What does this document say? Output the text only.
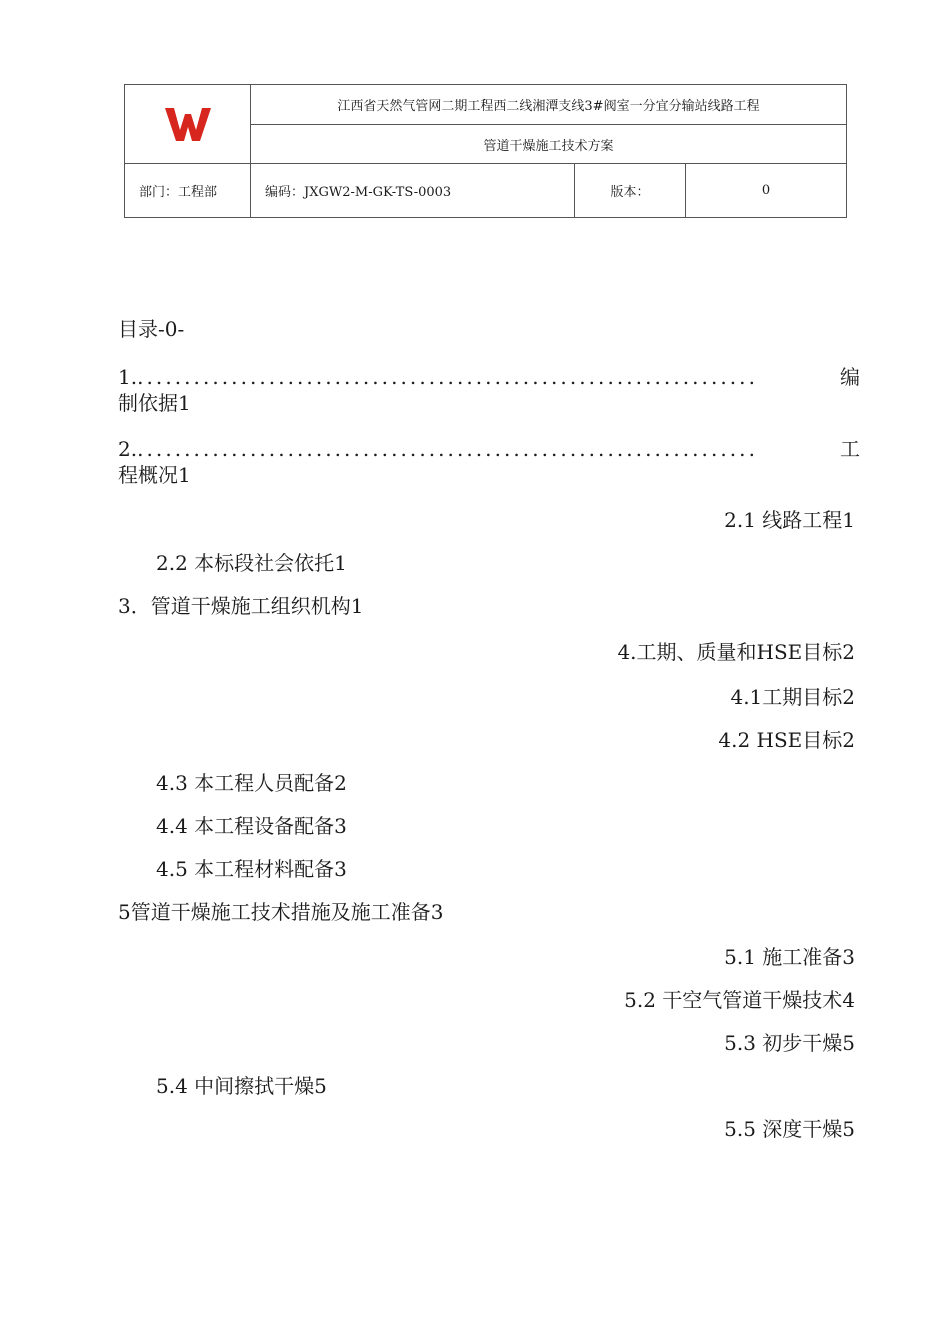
江西省天然气管网二期工程西二线湘潭支线3#阀室一分宜分输站线路工程
管道干燥施工技术方案
部门：工程部	编码：JXGW2-M-GK-TS-0003	版本：	0
目录-0-
1. ..................................................................	编
制依据1
2. ..................................................................	工
程概况1
2.1 线路工程1
2.2 本标段社会依托1
3．管道干燥施工组织机构1
4.工期、质量和HSE目标2
4.1工期目标2
4.2 HSE目标2
4.3 本工程人员配备2
4.4 本工程设备配备3
4.5 本工程材料配备3
5管道干燥施工技术措施及施工准备3
5.1 施工准备3
5.2 干空气管道干燥技术4
5.3 初步干燥5
5.4 中间擦拭干燥5
5.5 深度干燥5
